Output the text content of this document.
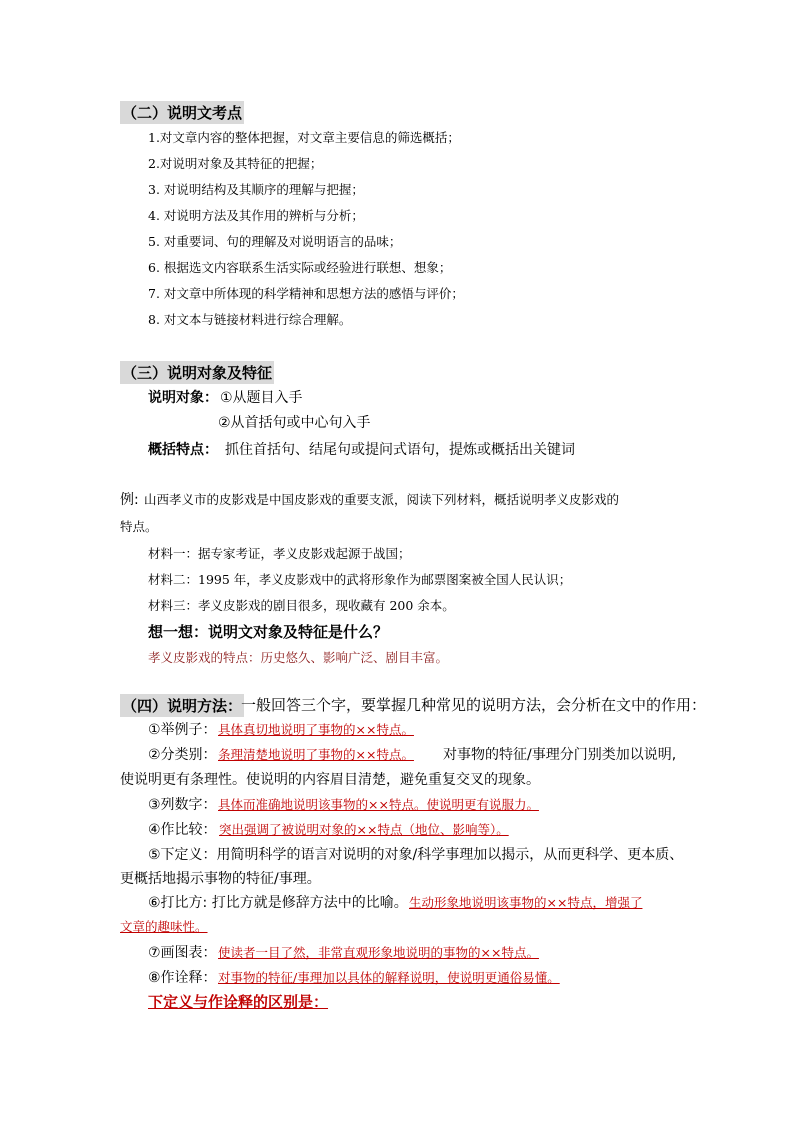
（二）说明文考点
1.对文章内容的整体把握，对文章主要信息的筛选概括；
2.对说明对象及其特征的把握；
3. 对说明结构及其顺序的理解与把握；
4. 对说明方法及其作用的辨析与分析；
5. 对重要词、句的理解及对说明语言的品味；
6. 根据选文内容联系生活实际或经验进行联想、想象；
7. 对文章中所体现的科学精神和思想方法的感悟与评价；
8. 对文本与链接材料进行综合理解。
（三）说明对象及特征
说明对象： ①从题目入手
②从首括句或中心句入手
概括特点： 抓住首括句、结尾句或提问式语句，提炼或概括出关键词
例: 山西孝义市的皮影戏是中国皮影戏的重要支派，阅读下列材料，概括说明孝义皮影戏的
特点。
材料一：据专家考证，孝义皮影戏起源于战国；
材料二：1995 年，孝义皮影戏中的武将形象作为邮票图案被全国人民认识；
材料三：孝义皮影戏的剧目很多，现收藏有 200 余本。
想一想：说明文对象及特征是什么？
孝义皮影戏的特点：历史悠久、影响广泛、剧目丰富。
（四）说明方法：
一般回答三个字，要掌握几种常见的说明方法，会分析在文中的作用：
①举例子： 具体真切地说明了事物的××特点。
②分类别： 条理清楚地说明了事物的××特点。 对事物的特征/事理分门别类加以说明,
使说明更有条理性。使说明的内容眉目清楚，避免重复交叉的现象。
③列数字： 具体而准确地说明该事物的××特点。使说明更有说服力。
④作比较： 突出强调了被说明对象的××特点（地位、影响等）。
⑤下定义：用简明科学的语言对说明的对象/科学事理加以揭示，从而更科学、更本质、
更概括地揭示事物的特征/事理。
⑥打比方: 打比方就是修辞方法中的比喻。 生动形象地说明该事物的××特点，增强了
文章的趣味性。
⑦画图表： 使读者一目了然，非常直观形象地说明的事物的××特点。
⑧作诠释： 对事物的特征/事理加以具体的解释说明，使说明更通俗易懂。
下定义与作诠释的区别是：
